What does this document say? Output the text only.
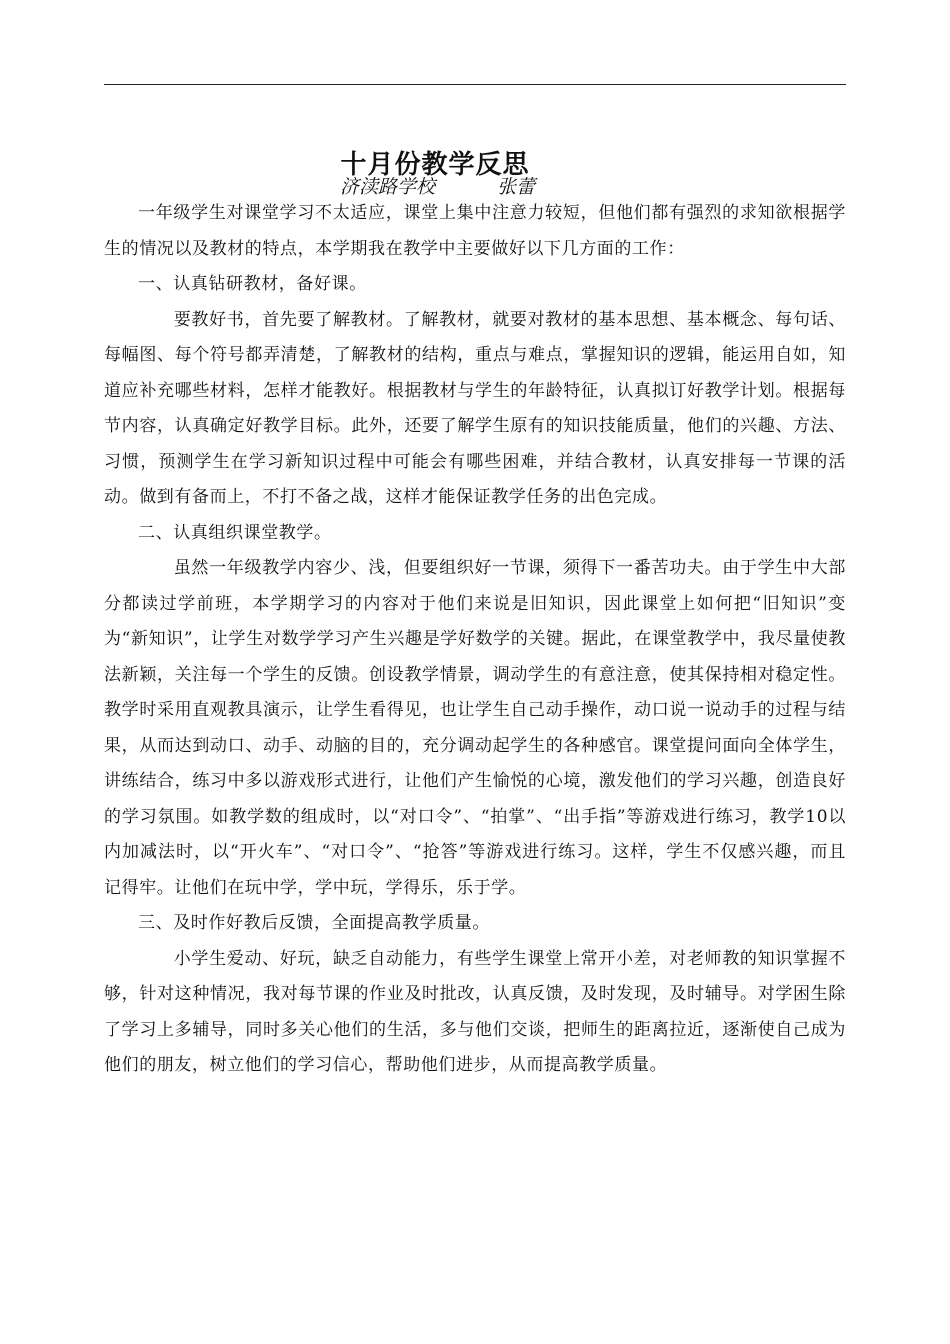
十月份教学反思
济渎路学校	张蕾

一年级学生对课堂学习不太适应，课堂上集中注意力较短，但他们都有强烈的求知欲根据学生的情况以及教材的特点，本学期我在教学中主要做好以下几方面的工作：

一、认真钻研教材，备好课。

要教好书，首先要了解教材。了解教材，就要对教材的基本思想、基本概念、每句话、每幅图、每个符号都弄清楚，了解教材的结构，重点与难点，掌握知识的逻辑，能运用自如，知道应补充哪些材料，怎样才能教好。根据教材与学生的年龄特征，认真拟订好教学计划。根据每节内容，认真确定好教学目标。此外，还要了解学生原有的知识技能质量，他们的兴趣、方法、习惯，预测学生在学习新知识过程中可能会有哪些困难，并结合教材，认真安排每一节课的活动。做到有备而上，不打不备之战，这样才能保证教学任务的出色完成。

二、认真组织课堂教学。

虽然一年级教学内容少、浅，但要组织好一节课，须得下一番苦功夫。由于学生中大部分都读过学前班，本学期学习的内容对于他们来说是旧知识，因此课堂上如何把“旧知识”变为“新知识”，让学生对数学学习产生兴趣是学好数学的关键。据此，在课堂教学中，我尽量使教法新颖，关注每一个学生的反馈。创设教学情景，调动学生的有意注意，使其保持相对稳定性。教学时采用直观教具演示，让学生看得见，也让学生自己动手操作，动口说一说动手的过程与结果，从而达到动口、动手、动脑的目的，充分调动起学生的各种感官。课堂提问面向全体学生，讲练结合，练习中多以游戏形式进行，让他们产生愉悦的心境，激发他们的学习兴趣，创造良好的学习氛围。如教学数的组成时，以“对口令”、“拍掌”、“出手指”等游戏进行练习，教学10以内加减法时，以“开火车”、“对口令”、“抢答”等游戏进行练习。这样，学生不仅感兴趣，而且记得牢。让他们在玩中学，学中玩，学得乐，乐于学。

三、及时作好教后反馈，全面提高教学质量。

小学生爱动、好玩，缺乏自动能力，有些学生课堂上常开小差，对老师教的知识掌握不够，针对这种情况，我对每节课的作业及时批改，认真反馈，及时发现，及时辅导。对学困生除了学习上多辅导，同时多关心他们的生活，多与他们交谈，把师生的距离拉近，逐渐使自己成为他们的朋友，树立他们的学习信心，帮助他们进步，从而提高教学质量。
